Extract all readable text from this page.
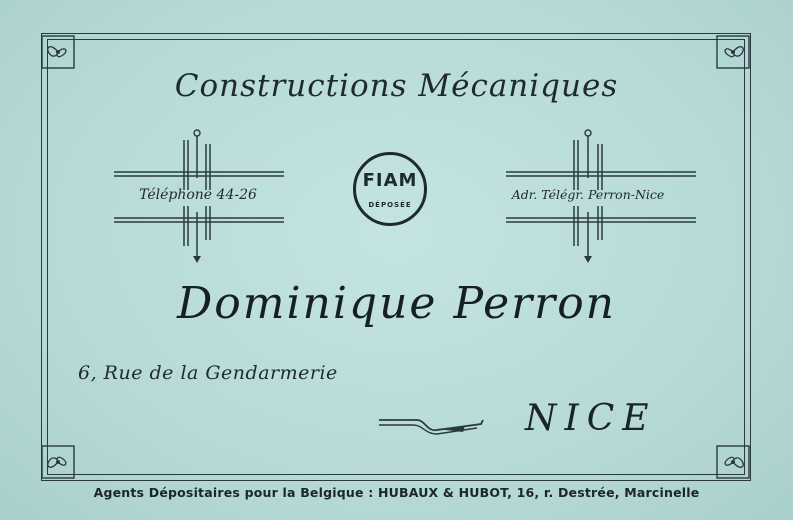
Constructions Mécaniques
Téléphone 44-26	Adr. Télégr. Perron-Nice
FIAM
DÉPOSÉE
Dominique Perron
6, Rue de la Gendarmerie
NICE
Agents Dépositaires pour la Belgique : HUBAUX & HUBOT, 16, r. Destrée, Marcinelle
